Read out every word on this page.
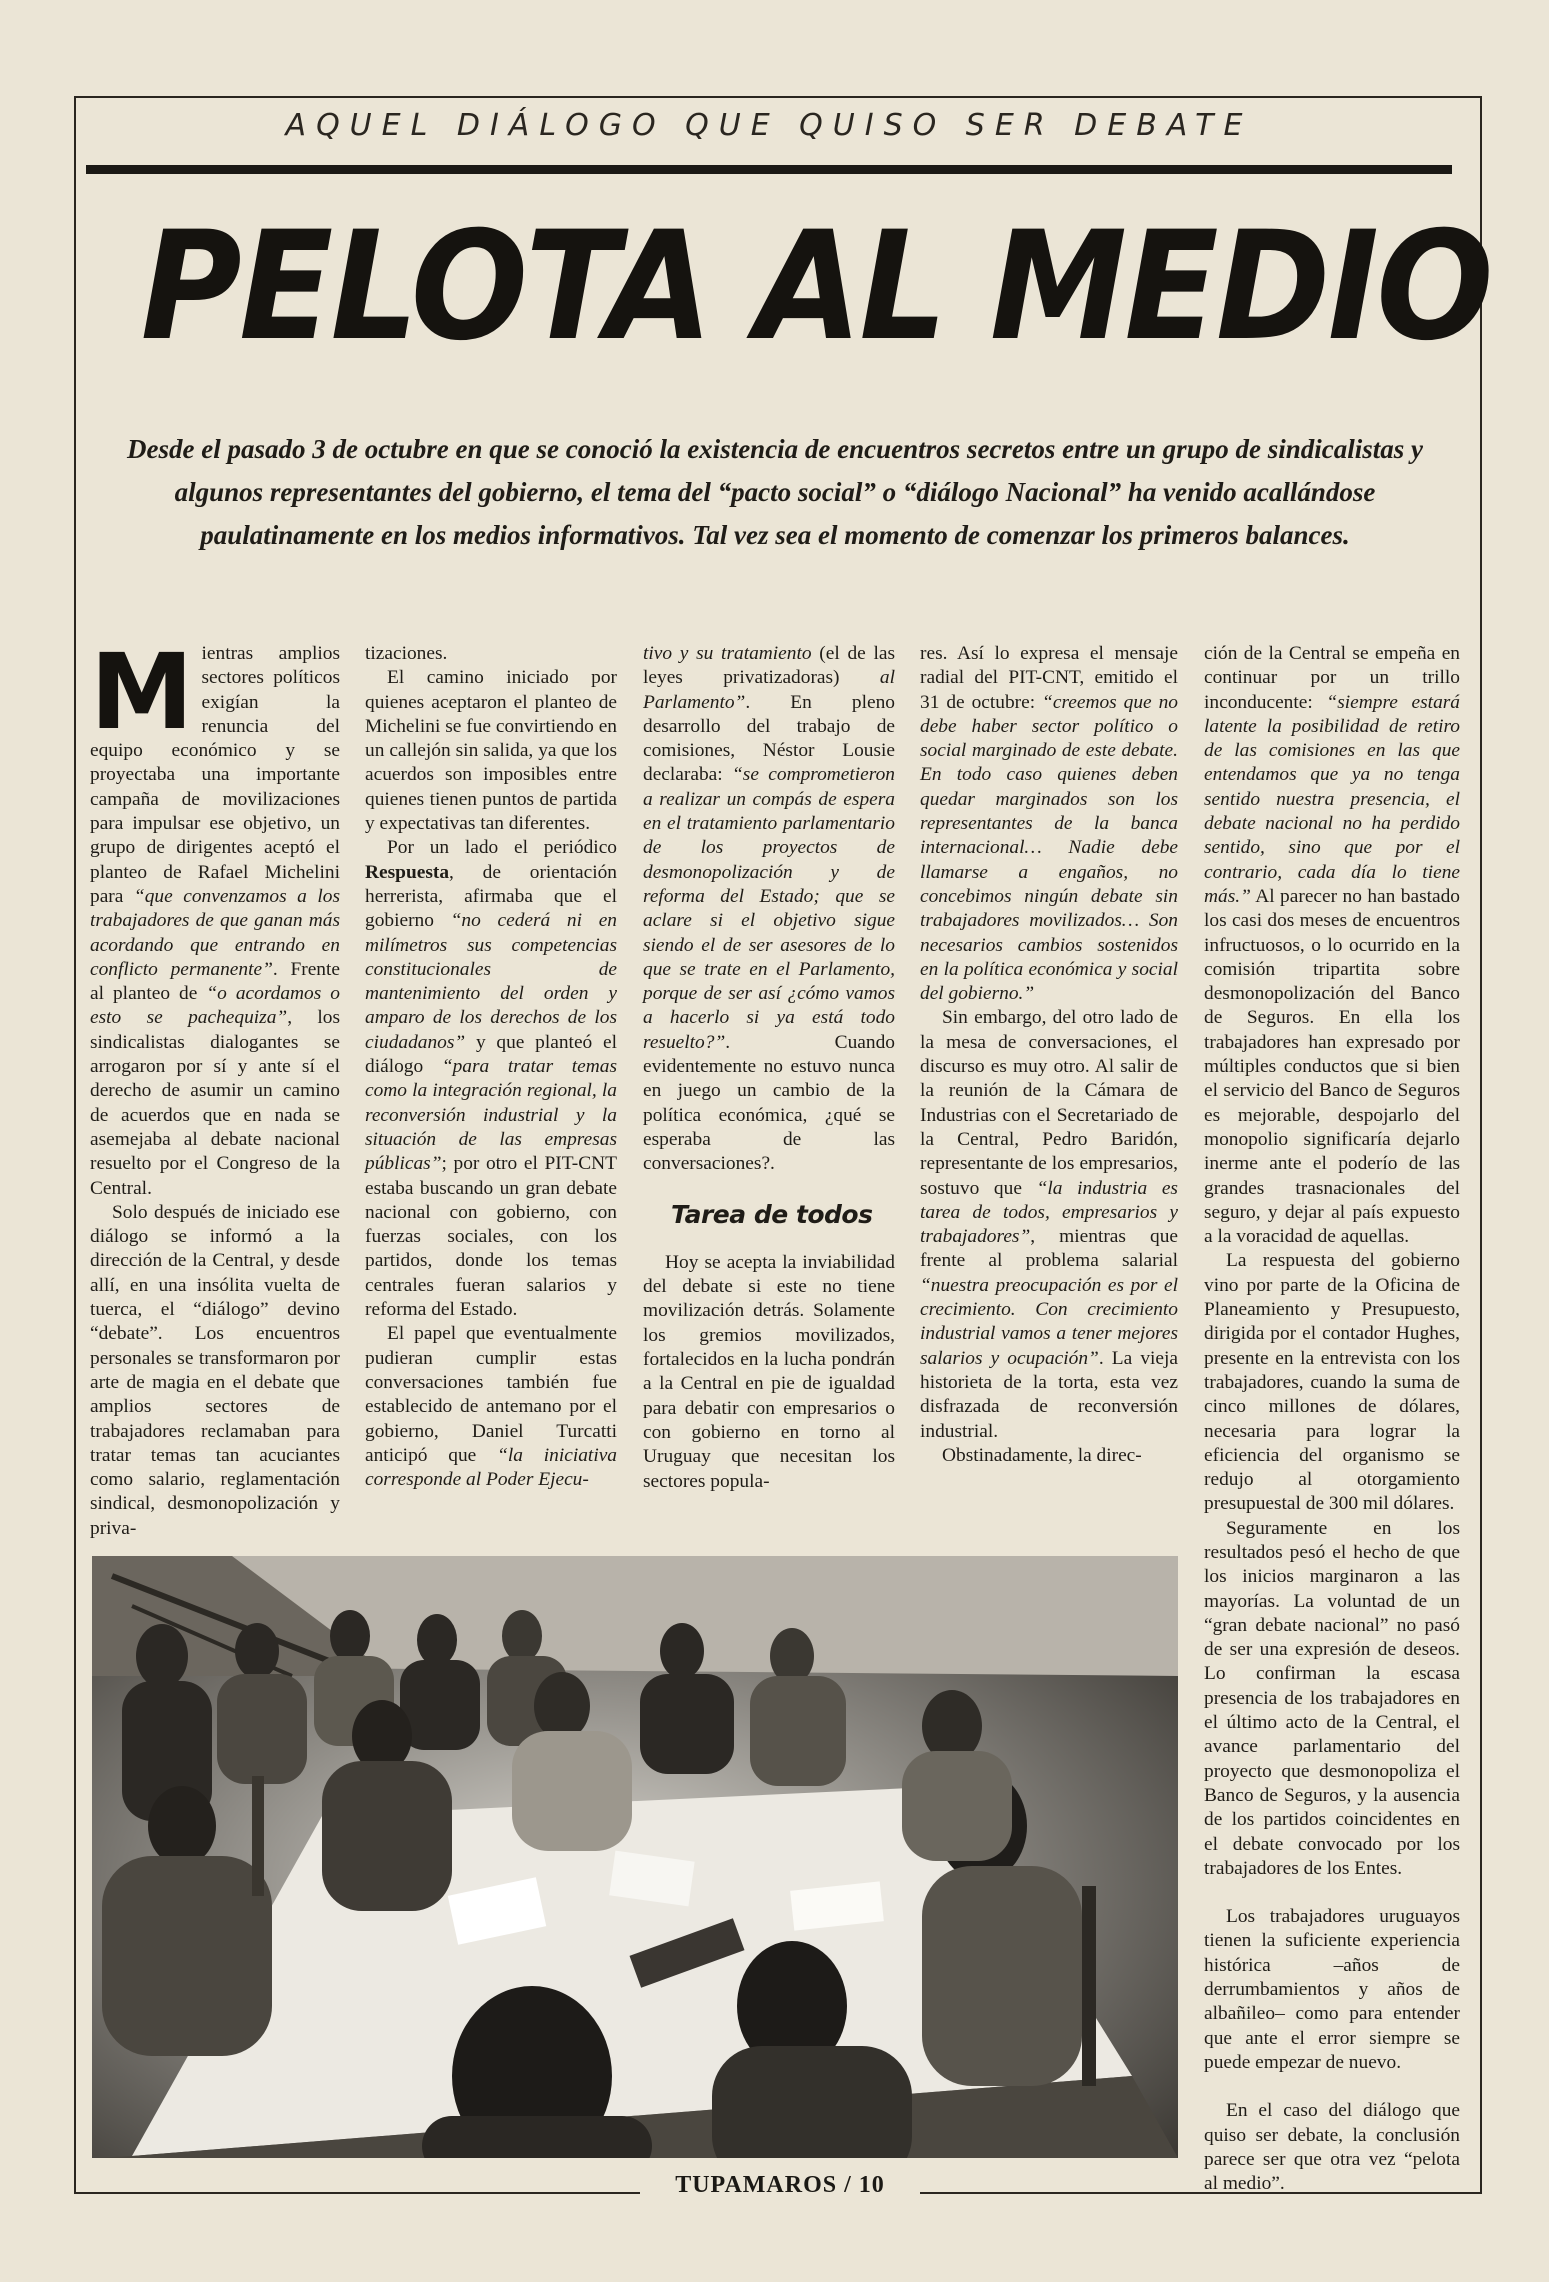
AQUEL DIÁLOGO QUE QUISO SER DEBATE
PELOTA AL MEDIO
Desde el pasado 3 de octubre en que se conoció la existencia de encuentros secretos entre un grupo de sindicalistas y algunos representantes del gobierno, el tema del “pacto social” o “diálogo Nacional” ha venido acallándose paulatinamente en los medios informativos. Tal vez sea el momento de comenzar los primeros balances.

Mientras amplios sectores políticos exigían la renuncia del equipo económico y se proyectaba una importante campaña de movilizaciones para impulsar ese objetivo, un grupo de dirigentes aceptó el planteo de Rafael Michelini para “que convenzamos a los trabajadores de que ganan más acordando que entrando en conflicto permanente”. Frente al planteo de “o acordamos o esto se pachequiza”, los sindicalistas dialogantes se arrogaron por sí y ante sí el derecho de asumir un camino de acuerdos que en nada se asemejaba al debate nacional resuelto por el Congreso de la Central.

Solo después de iniciado ese diálogo se informó a la dirección de la Central, y desde allí, en una insólita vuelta de tuerca, el “diálogo” devino “debate”. Los encuentros personales se transformaron por arte de magia en el debate que amplios sectores de trabajadores reclamaban para tratar temas tan acuciantes como salario, reglamentación sindical, desmonopolización y priva-

tizaciones.

El camino iniciado por quienes aceptaron el planteo de Michelini se fue convirtiendo en un callejón sin salida, ya que los acuerdos son imposibles entre quienes tienen puntos de partida y expectativas tan diferentes.

Por un lado el periódico Respuesta, de orientación herrerista, afirmaba que el gobierno “no cederá ni en milímetros sus competencias constitucionales de mantenimiento del orden y amparo de los derechos de los ciudadanos” y que planteó el diálogo “para tratar temas como la integración regional, la reconversión industrial y la situación de las empresas públicas”; por otro el PIT-CNT estaba buscando un gran debate nacional con gobierno, con fuerzas sociales, con los partidos, donde los temas centrales fueran salarios y reforma del Estado.

El papel que eventualmente pudieran cumplir estas conversaciones también fue establecido de antemano por el gobierno, Daniel Turcatti anticipó que “la iniciativa corresponde al Poder Ejecu-

tivo y su tratamiento (el de las leyes privatizadoras) al Parlamento”. En pleno desarrollo del trabajo de comisiones, Néstor Lousie declaraba: “se comprometieron a realizar un compás de espera en el tratamiento parlamentario de los proyectos de desmonopolización y de reforma del Estado; que se aclare si el objetivo sigue siendo el de ser asesores de lo que se trate en el Parlamento, porque de ser así ¿cómo vamos a hacerlo si ya está todo resuelto?”. Cuando evidentemente no estuvo nunca en juego un cambio de la política económica, ¿qué se esperaba de las conversaciones?.

Tarea de todos

Hoy se acepta la inviabilidad del debate si este no tiene movilización detrás. Solamente los gremios movilizados, fortalecidos en la lucha pondrán a la Central en pie de igualdad para debatir con empresarios o con gobierno en torno al Uruguay que necesitan los sectores popula-

res. Así lo expresa el mensaje radial del PIT-CNT, emitido el 31 de octubre: “creemos que no debe haber sector político o social marginado de este debate. En todo caso quienes deben quedar marginados son los representantes de la banca internacional… Nadie debe llamarse a engaños, no concebimos ningún debate sin trabajadores movilizados… Son necesarios cambios sostenidos en la política económica y social del gobierno.”

Sin embargo, del otro lado de la mesa de conversaciones, el discurso es muy otro. Al salir de la reunión de la Cámara de Industrias con el Secretariado de la Central, Pedro Baridón, representante de los empresarios, sostuvo que “la industria es tarea de todos, empresarios y trabajadores”, mientras que frente al problema salarial “nuestra preocupación es por el crecimiento. Con crecimiento industrial vamos a tener mejores salarios y ocupación”. La vieja historieta de la torta, esta vez disfrazada de reconversión industrial.

Obstinadamente, la direc-

ción de la Central se empeña en continuar por un trillo inconducente: “siempre estará latente la posibilidad de retiro de las comisiones en las que entendamos que ya no tenga sentido nuestra presencia, el debate nacional no ha perdido sentido, sino que por el contrario, cada día lo tiene más.” Al parecer no han bastado los casi dos meses de encuentros infructuosos, o lo ocurrido en la comisión tripartita sobre desmonopolización del Banco de Seguros. En ella los trabajadores han expresado por múltiples conductos que si bien el servicio del Banco de Seguros es mejorable, despojarlo del monopolio significaría dejarlo inerme ante el poderío de las grandes trasnacionales del seguro, y dejar al país expuesto a la voracidad de aquellas.

La respuesta del gobierno vino por parte de la Oficina de Planeamiento y Presupuesto, dirigida por el contador Hughes, presente en la entrevista con los trabajadores, cuando la suma de cinco millones de dólares, necesaria para lograr la eficiencia del organismo se redujo al otorgamiento presupuestal de 300 mil dólares.

Seguramente en los resultados pesó el hecho de que los inicios marginaron a las mayorías. La voluntad de un “gran debate nacional” no pasó de ser una expresión de deseos. Lo confirman la escasa presencia de los trabajadores en el último acto de la Central, el avance parlamentario del proyecto que desmonopoliza el Banco de Seguros, y la ausencia de los partidos coincidentes en el debate convocado por los trabajadores de los Entes.

Los trabajadores uruguayos tienen la suficiente experiencia histórica –años de derrumbamientos y años de albañileo– como para entender que ante el error siempre se puede empezar de nuevo.

En el caso del diálogo que quiso ser debate, la conclusión parece ser que otra vez “pelota al medio”.

TUPAMAROS / 10
